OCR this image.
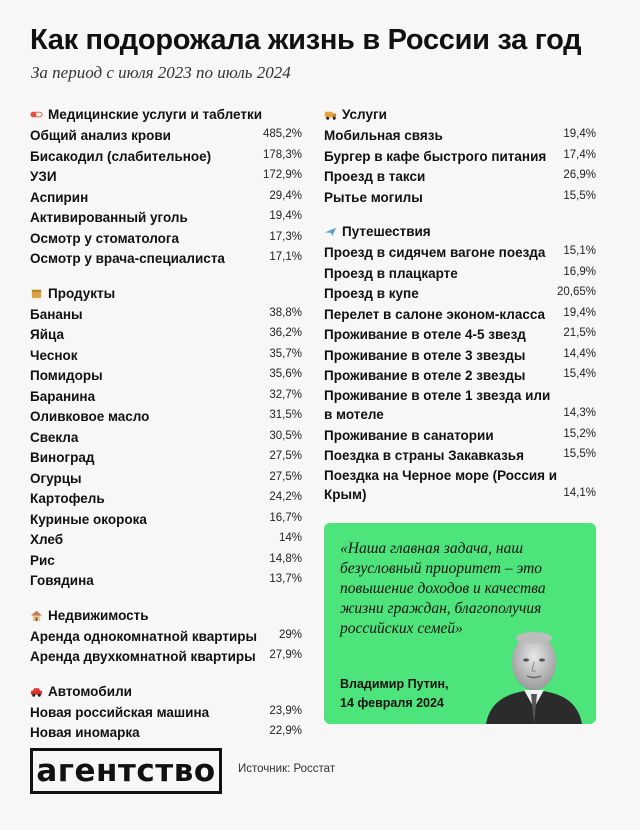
Как подорожала жизнь в России за год
За период с июля 2023 по июль 2024
Медицинские услуги и таблетки
Общий анализ крови	485,2%
Бисакодил (слабительное)	178,3%
УЗИ	172,9%
Аспирин	29,4%
Активированный уголь	19,4%
Осмотр у стоматолога	17,3%
Осмотр у врача-специалиста	17,1%
Продукты
Бананы	38,8%
Яйца	36,2%
Чеснок	35,7%
Помидоры	35,6%
Баранина	32,7%
Оливковое масло	31,5%
Свекла	30,5%
Виноград	27,5%
Огурцы	27,5%
Картофель	24,2%
Куриные окорока	16,7%
Хлеб	14%
Рис	14,8%
Говядина	13,7%
Недвижимость
Аренда однокомнатной квартиры	29%
Аренда двухкомнатной квартиры	27,9%
Автомобили
Новая российская машина	23,9%
Новая иномарка	22,9%
Услуги
Мобильная связь	19,4%
Бургер в кафе быстрого питания	17,4%
Проезд в такси	26,9%
Рытье могилы	15,5%
Путешествия
Проезд в сидячем вагоне поезда	15,1%
Проезд в плацкарте	16,9%
Проезд в купе	20,65%
Перелет в салоне эконом-класса	19,4%
Проживание в отеле 4-5 звезд	21,5%
Проживание в отеле 3 звезды	14,4%
Проживание в отеле 2 звезды	15,4%
Проживание в отеле 1 звезда или в мотеле	14,3%
Проживание в санатории	15,2%
Поездка в страны Закавказья	15,5%
Поездка на Черное море (Россия и Крым)	14,1%
«Наша главная задача, наш безусловный приоритет – это повышение доходов и качества жизни граждан, благополучия российских семей»
Владимир Путин,
14 февраля 2024
агентство	Источник: Росстат
